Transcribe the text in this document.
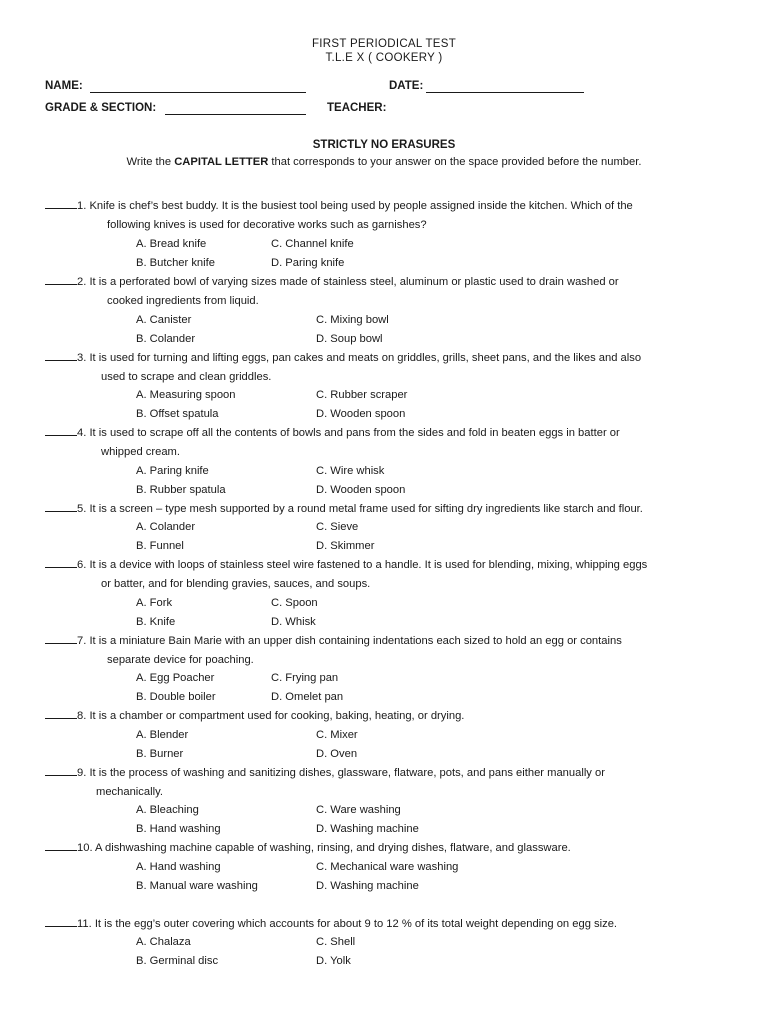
FIRST PERIODICAL TEST
T.L.E X ( COOKERY )
NAME:	DATE:
GRADE & SECTION:	TEACHER:
STRICTLY NO ERASURES
Write the CAPITAL LETTER that corresponds to your answer on the space provided before the number.
1. Knife is chef’s best buddy. It is the busiest tool being used by people assigned inside the kitchen. Which of the
following knives is used for decorative works such as garnishes?
A. Bread knife	C. Channel knife
B. Butcher knife	D. Paring knife
2. It is a perforated bowl of varying sizes made of stainless steel, aluminum or plastic used to drain washed or
cooked ingredients from liquid.
A. Canister	C. Mixing bowl
B. Colander	D. Soup bowl
3. It is used for turning and lifting eggs, pan cakes and meats on griddles, grills, sheet pans, and the likes and also
used to scrape and clean griddles.
A. Measuring spoon	C. Rubber scraper
B. Offset spatula	D. Wooden spoon
4. It is used to scrape off all the contents of bowls and pans from the sides and fold in beaten eggs in batter or
whipped cream.
A. Paring knife	C. Wire whisk
B. Rubber spatula	D. Wooden spoon
5. It is a screen – type mesh supported by a round metal frame used for sifting dry ingredients like starch and flour.
A. Colander	C. Sieve
B. Funnel	D. Skimmer
6. It is a device with loops of stainless steel wire fastened to a handle. It is used for blending, mixing, whipping eggs
or batter, and for blending gravies, sauces, and soups.
A. Fork	C. Spoon
B. Knife	D. Whisk
7. It is a miniature Bain Marie with an upper dish containing indentations each sized to hold an egg or contains
separate device for poaching.
A. Egg Poacher	C. Frying pan
B. Double boiler	D. Omelet pan
8. It is a chamber or compartment used for cooking, baking, heating, or drying.
A. Blender	C. Mixer
B. Burner	D. Oven
9. It is the process of washing and sanitizing dishes, glassware, flatware, pots, and pans either manually or
mechanically.
A. Bleaching	C. Ware washing
B. Hand washing	D. Washing machine
10. A dishwashing machine capable of washing, rinsing, and drying dishes, flatware, and glassware.
A. Hand washing	C. Mechanical ware washing
B. Manual ware washing	D. Washing machine
11. It is the egg’s outer covering which accounts for about 9 to 12 % of its total weight depending on egg size.
A. Chalaza	C. Shell
B. Germinal disc	D. Yolk
